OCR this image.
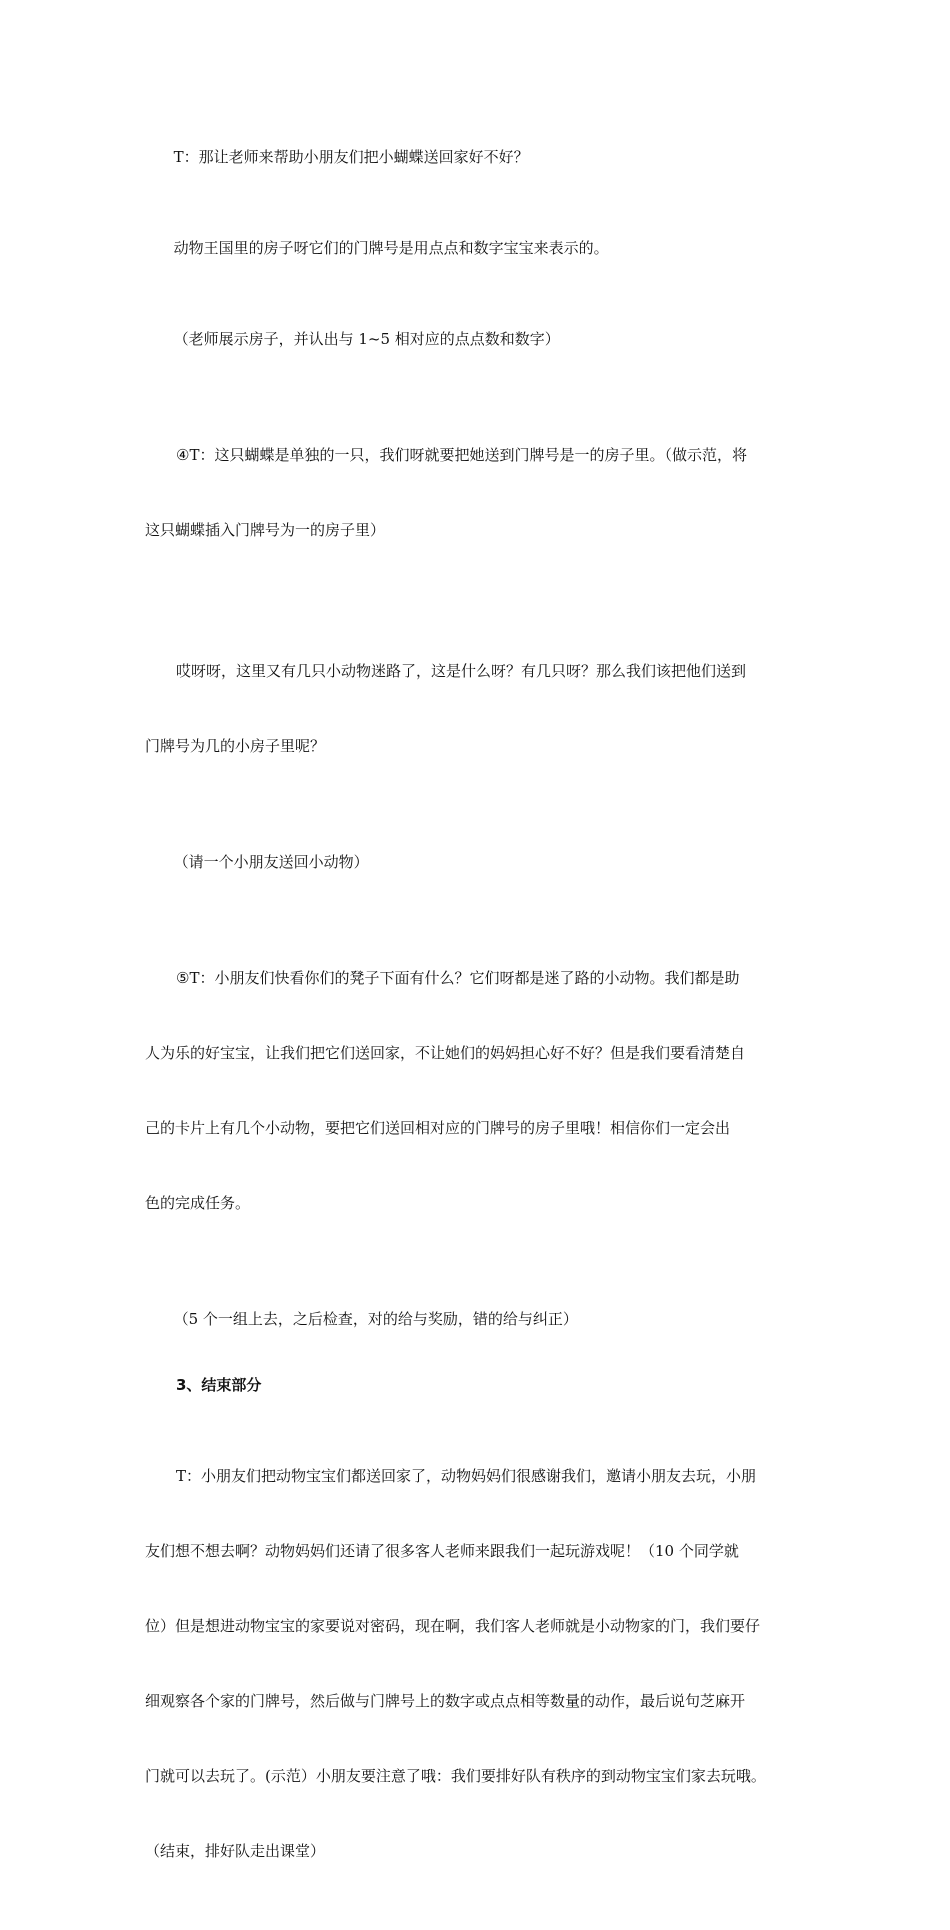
T：那让老师来帮助小朋友们把小蝴蝶送回家好不好？

动物王国里的房子呀它们的门牌号是用点点和数字宝宝来表示的。

（老师展示房子，并认出与 1~5 相对应的点点数和数字）

④T：这只蝴蝶是单独的一只，我们呀就要把她送到门牌号是一的房子里。（做示范，将

这只蝴蝶插入门牌号为一的房子里）

哎呀呀，这里又有几只小动物迷路了，这是什么呀？有几只呀？那么我们该把他们送到

门牌号为几的小房子里呢？

（请一个小朋友送回小动物）

⑤T：小朋友们快看你们的凳子下面有什么？它们呀都是迷了路的小动物。我们都是助

人为乐的好宝宝，让我们把它们送回家，不让她们的妈妈担心好不好？但是我们要看清楚自

己的卡片上有几个小动物，要把它们送回相对应的门牌号的房子里哦！相信你们一定会出

色的完成任务。

（5 个一组上去，之后检查，对的给与奖励，错的给与纠正）

3、结束部分

T：小朋友们把动物宝宝们都送回家了，动物妈妈们很感谢我们，邀请小朋友去玩，小朋

友们想不想去啊？动物妈妈们还请了很多客人老师来跟我们一起玩游戏呢！（10 个同学就

位）但是想进动物宝宝的家要说对密码，现在啊，我们客人老师就是小动物家的门，我们要仔

细观察各个家的门牌号，然后做与门牌号上的数字或点点相等数量的动作，最后说句芝麻开

门就可以去玩了。(示范）小朋友要注意了哦：我们要排好队有秩序的到动物宝宝们家去玩哦。

（结束，排好队走出课堂）
